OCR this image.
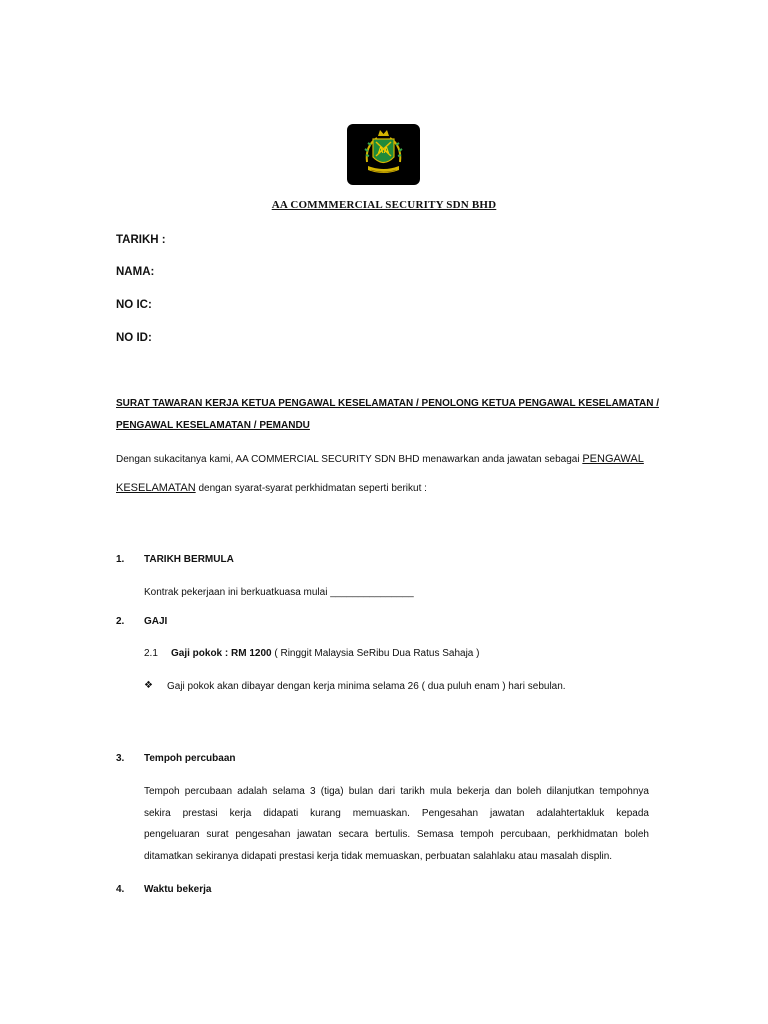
AA
AA COMMMERCIAL SECURITY SDN BHD
TARIKH :
NAMA:
NO IC:
NO ID:
SURAT TAWARAN KERJA KETUA PENGAWAL KESELAMATAN / PENOLONG KETUA PENGAWAL KESELAMATAN /
PENGAWAL KESELAMATAN / PEMANDU
Dengan sukacitanya kami, AA COMMERCIAL SECURITY SDN BHD menawarkan anda jawatan sebagai PENGAWAL
KESELAMATAN dengan syarat-syarat perkhidmatan seperti berikut :
1. TARIKH BERMULA
Kontrak pekerjaan ini berkuatkuasa mulai _______________
2. GAJI
2.1 Gaji pokok : RM 1200 ( Ringgit Malaysia SeRibu Dua Ratus Sahaja )
❖ Gaji pokok akan dibayar dengan kerja minima selama 26 ( dua puluh enam ) hari sebulan.
3. Tempoh percubaan
Tempoh percubaan adalah selama 3 (tiga) bulan dari tarikh mula bekerja dan boleh dilanjutkan tempohnya
sekira prestasi kerja didapati kurang memuaskan. Pengesahan jawatan adalahtertakluk kepada
pengeluaran surat pengesahan jawatan secara bertulis. Semasa tempoh percubaan, perkhidmatan boleh
ditamatkan sekiranya didapati prestasi kerja tidak memuaskan, perbuatan salahlaku atau masalah displin.
4. Waktu bekerja
